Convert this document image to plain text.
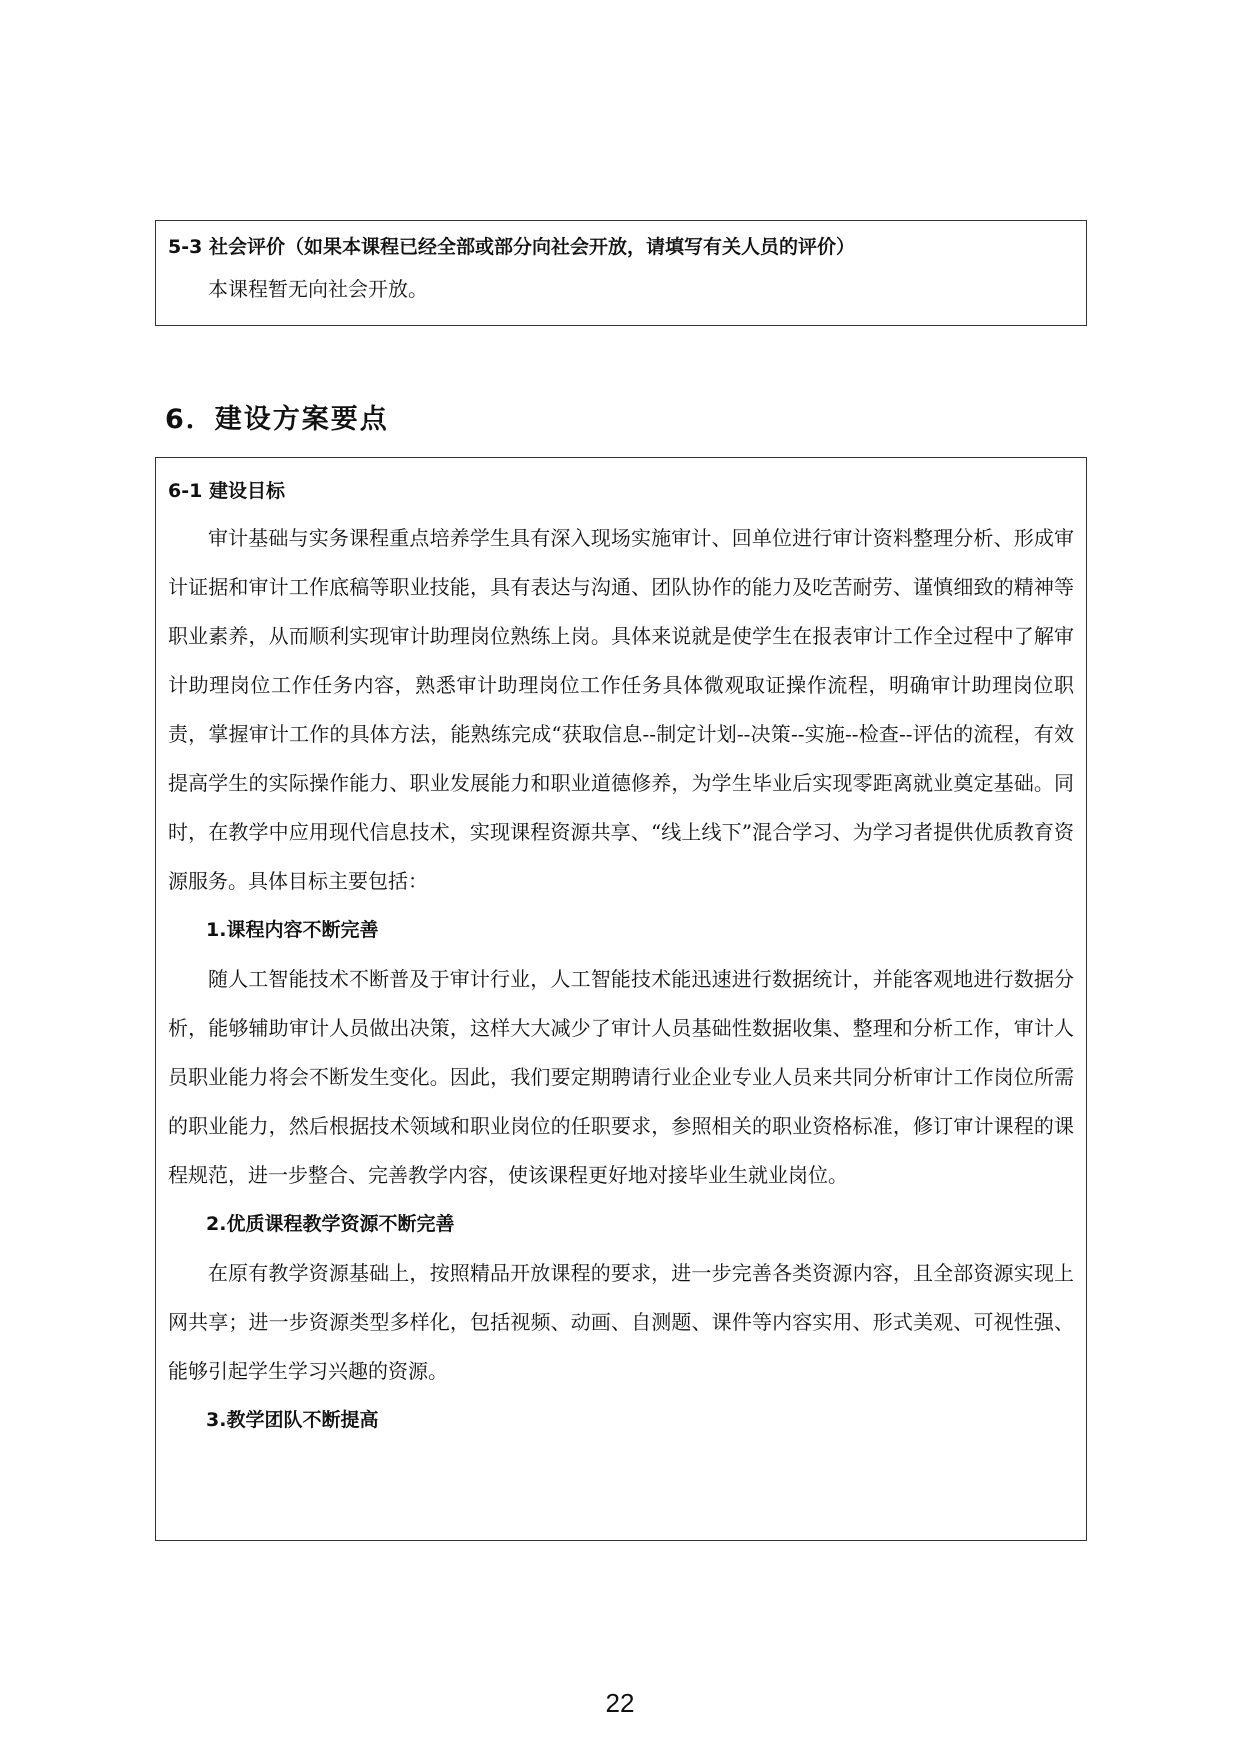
5-3 社会评价（如果本课程已经全部或部分向社会开放，请填写有关人员的评价）

本课程暂无向社会开放。

6．建设方案要点

6-1 建设目标

审计基础与实务课程重点培养学生具有深入现场实施审计、回单位进行审计资料整理分析、形成审计证据和审计工作底稿等职业技能，具有表达与沟通、团队协作的能力及吃苦耐劳、谨慎细致的精神等职业素养，从而顺利实现审计助理岗位熟练上岗。具体来说就是使学生在报表审计工作全过程中了解审计助理岗位工作任务内容，熟悉审计助理岗位工作任务具体微观取证操作流程，明确审计助理岗位职责，掌握审计工作的具体方法，能熟练完成“获取信息--制定计划--决策--实施--检查--评估的流程，有效提高学生的实际操作能力、职业发展能力和职业道德修养，为学生毕业后实现零距离就业奠定基础。同时，在教学中应用现代信息技术，实现课程资源共享、“线上线下”混合学习、为学习者提供优质教育资源服务。具体目标主要包括：

1.课程内容不断完善

随人工智能技术不断普及于审计行业，人工智能技术能迅速进行数据统计，并能客观地进行数据分析，能够辅助审计人员做出决策，这样大大减少了审计人员基础性数据收集、整理和分析工作，审计人员职业能力将会不断发生变化。因此，我们要定期聘请行业企业专业人员来共同分析审计工作岗位所需的职业能力，然后根据技术领域和职业岗位的任职要求，参照相关的职业资格标准，修订审计课程的课程规范，进一步整合、完善教学内容，使该课程更好地对接毕业生就业岗位。

2.优质课程教学资源不断完善

在原有教学资源基础上，按照精品开放课程的要求，进一步完善各类资源内容，且全部资源实现上网共享；进一步资源类型多样化，包括视频、动画、自测题、课件等内容实用、形式美观、可视性强、能够引起学生学习兴趣的资源。

3.教学团队不断提高

22
